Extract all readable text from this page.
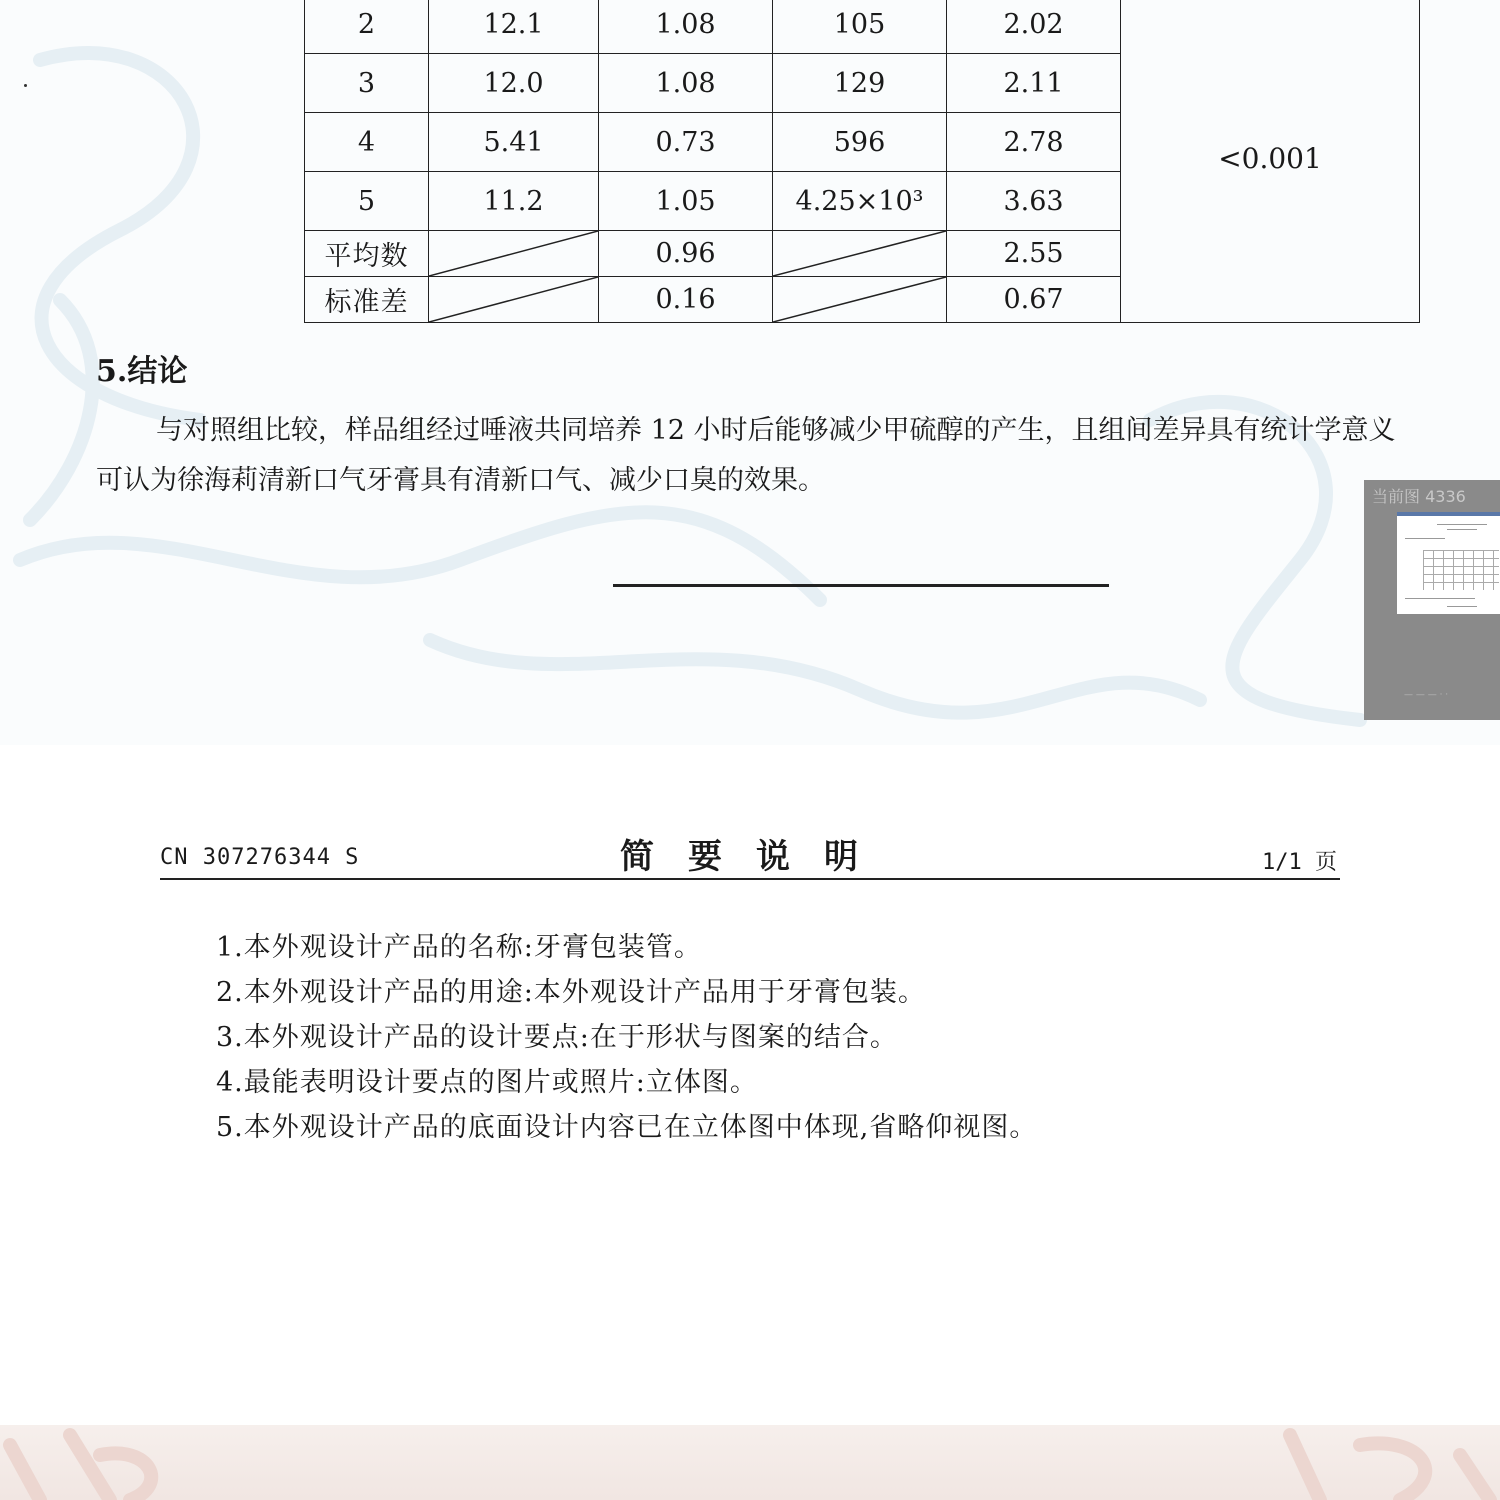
2	12.1	1.08	105	2.02	<0.001
3	12.0	1.08	129	2.11	
4	5.41	0.73	596	2.78	
5	11.2	1.05	4.25×10³	3.63	
平均数		0.96		2.55	
标准差		0.16		0.67	
5.结论

与对照组比较，样品组经过唾液共同培养 12 小时后能够减少甲硫醇的产生，且组间差异具有统计学意义
可认为徐海莉清新口气牙膏具有清新口气、减少口臭的效果。

当前图 4336
— — — · ·
CN 307276344 S	简要说明	1/1 页
1.本外观设计产品的名称:牙膏包装管。
2.本外观设计产品的用途:本外观设计产品用于牙膏包装。
3.本外观设计产品的设计要点:在于形状与图案的结合。
4.最能表明设计要点的图片或照片:立体图。
5.本外观设计产品的底面设计内容已在立体图中体现,省略仰视图。
